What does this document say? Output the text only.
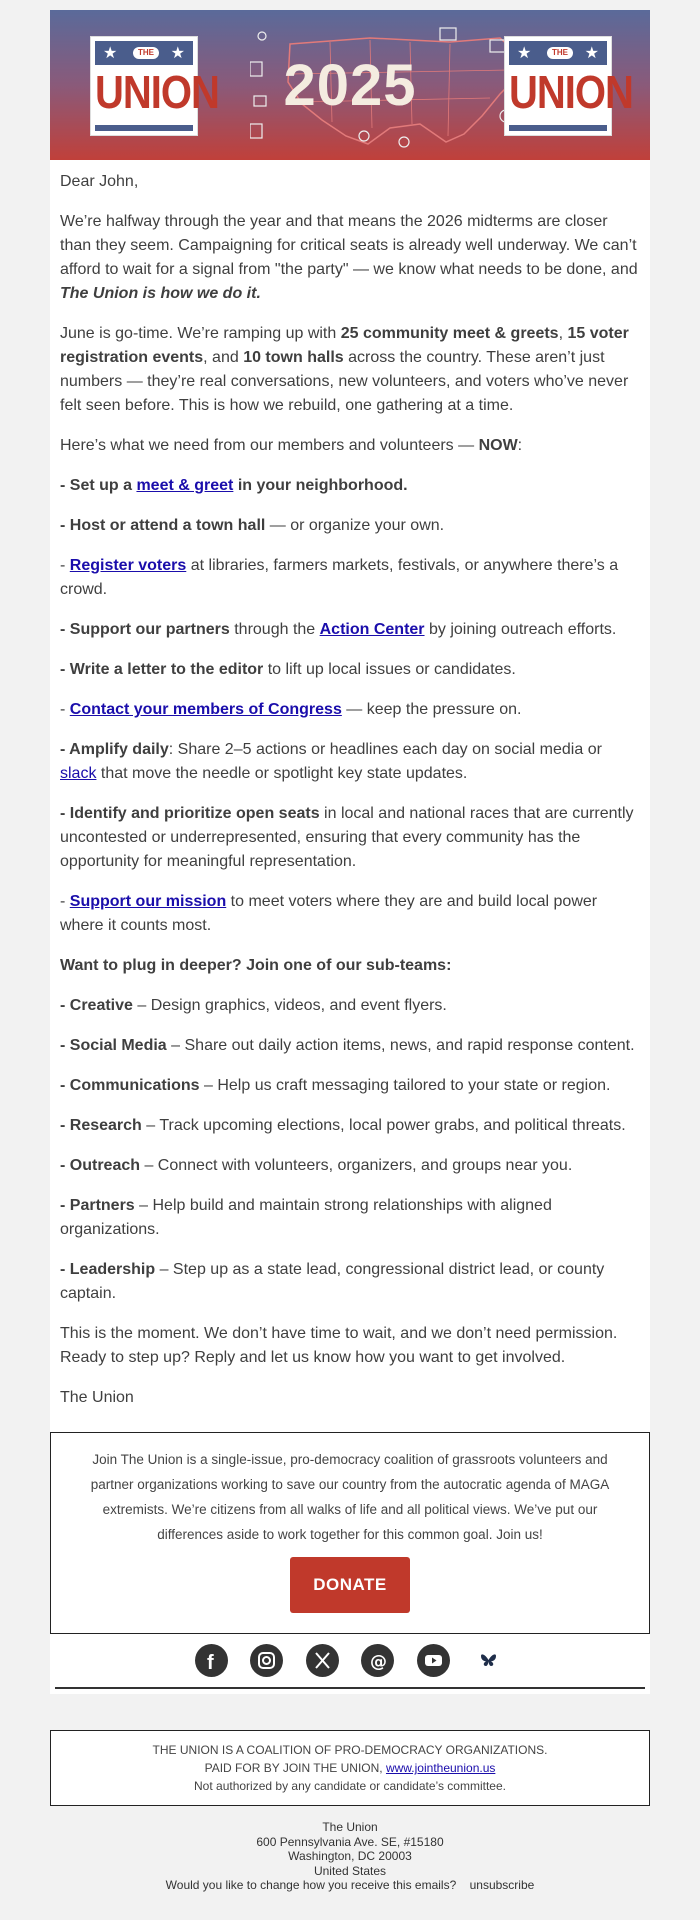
★	★
THE
UNION	2025
★	★
THE
UNION

Dear John,

We’re halfway through the year and that means the 2026 midterms are closer than they seem. Campaigning for critical seats is already well underway. We can’t afford to wait for a signal from "the party" — we know what needs to be done, and The Union is how we do it.

June is go-time. We’re ramping up with 25 community meet & greets, 15 voter registration events, and 10 town halls across the country. These aren’t just numbers — they’re real conversations, new volunteers, and voters who’ve never felt seen before. This is how we rebuild, one gathering at a time.

Here’s what we need from our members and volunteers — NOW:

- Set up a meet & greet in your neighborhood.

- Host or attend a town hall — or organize your own.

- Register voters at libraries, farmers markets, festivals, or anywhere there’s a crowd.

- Support our partners through the Action Center by joining outreach efforts.

- Write a letter to the editor to lift up local issues or candidates.

- Contact your members of Congress — keep the pressure on.

- Amplify daily: Share 2–5 actions or headlines each day on social media or slack that move the needle or spotlight key state updates.

- Identify and prioritize open seats in local and national races that are currently uncontested or underrepresented, ensuring that every community has the opportunity for meaningful representation.

- Support our mission to meet voters where they are and build local power where it counts most.

Want to plug in deeper? Join one of our sub-teams:

- Creative – Design graphics, videos, and event flyers.

- Social Media – Share out daily action items, news, and rapid response content.

- Communications – Help us craft messaging tailored to your state or region.

- Research – Track upcoming elections, local power grabs, and political threats.

- Outreach – Connect with volunteers, organizers, and groups near you.

- Partners – Help build and maintain strong relationships with aligned organizations.

- Leadership – Step up as a state lead, congressional district lead, or county captain.

This is the moment. We don’t have time to wait, and we don’t need permission. Ready to step up? Reply and let us know how you want to get involved.

The Union

Join The Union is a single-issue, pro-democracy coalition of grassroots volunteers and partner organizations working to save our country from the autocratic agenda of MAGA extremists. We’re citizens from all walks of life and all political views. We’ve put our differences aside to work together for this common goal. Join us!
DONATE
f
	@

THE UNION IS A COALITION OF PRO-DEMOCRACY ORGANIZATIONS.
PAID FOR BY JOIN THE UNION, www.jointheunion.us
Not authorized by any candidate or candidate’s committee.
The Union
600 Pennsylvania Ave. SE, #15180
Washington, DC 20003
United States
Would you like to change how you receive this emails? unsubscribe
